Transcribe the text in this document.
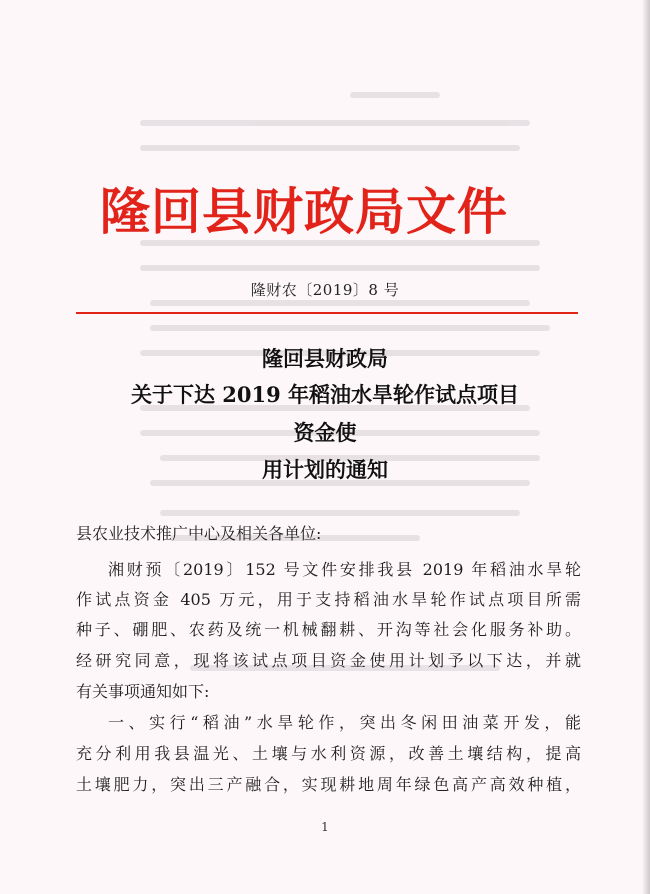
隆回县财政局文件
隆财农〔2019〕8 号
隆回县财政局
关于下达 2019 年稻油水旱轮作试点项目
资金使
用计划的通知
县农业技术推广中心及相关各单位:
湘财预〔2019〕152 号文件安排我县 2019 年稻油水旱轮
作试点资金 405 万元，用于支持稻油水旱轮作试点项目所需
种子、硼肥、农药及统一机械翻耕、开沟等社会化服务补助。
经研究同意，现将该试点项目资金使用计划予以下达，并就
有关事项通知如下:
一、实行“稻油”水旱轮作，突出冬闲田油菜开发，能
充分利用我县温光、土壤与水利资源，改善土壤结构，提高
土壤肥力，突出三产融合，实现耕地周年绿色高产高效种植，
1
